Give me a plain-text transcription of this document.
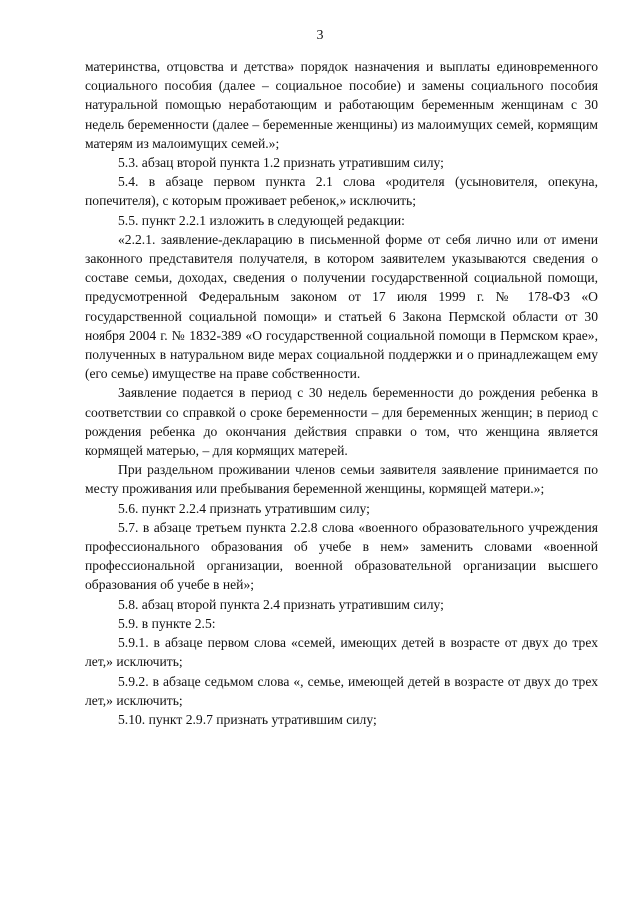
3

материнства, отцовства и детства» порядок назначения и выплаты единовременного социального пособия (далее – социальное пособие) и замены социального пособия натуральной помощью неработающим и работающим беременным женщинам с 30 недель беременности (далее – беременные женщины) из малоимущих семей, кормящим матерям из малоимущих семей.»;

5.3. абзац второй пункта 1.2 признать утратившим силу;

5.4. в абзаце первом пункта 2.1 слова «родителя (усыновителя, опекуна, попечителя), с которым проживает ребенок,» исключить;

5.5. пункт 2.2.1 изложить в следующей редакции:

«2.2.1. заявление-декларацию в письменной форме от себя лично или от имени законного представителя получателя, в котором заявителем указываются сведения о составе семьи, доходах, сведения о получении государственной социальной помощи, предусмотренной Федеральным законом от 17 июля 1999 г. № 178-ФЗ «О государственной социальной помощи» и статьей 6 Закона Пермской области от 30 ноября 2004 г. № 1832-389 «О государственной социальной помощи в Пермском крае», полученных в натуральном виде мерах социальной поддержки и о принадлежащем ему (его семье) имуществе на праве собственности.

Заявление подается в период с 30 недель беременности до рождения ребенка в соответствии со справкой о сроке беременности – для беременных женщин; в период с рождения ребенка до окончания действия справки о том, что женщина является кормящей матерью, – для кормящих матерей.

При раздельном проживании членов семьи заявителя заявление принимается по месту проживания или пребывания беременной женщины, кормящей матери.»;

5.6. пункт 2.2.4 признать утратившим силу;

5.7. в абзаце третьем пункта 2.2.8 слова «военного образовательного учреждения профессионального образования об учебе в нем» заменить словами «военной профессиональной организации, военной образовательной организации высшего образования об учебе в ней»;

5.8. абзац второй пункта 2.4 признать утратившим силу;

5.9. в пункте 2.5:

5.9.1. в абзаце первом слова «семей, имеющих детей в возрасте от двух до трех лет,» исключить;

5.9.2. в абзаце седьмом слова «, семье, имеющей детей в возрасте от двух до трех лет,» исключить;

5.10. пункт 2.9.7 признать утратившим силу;
